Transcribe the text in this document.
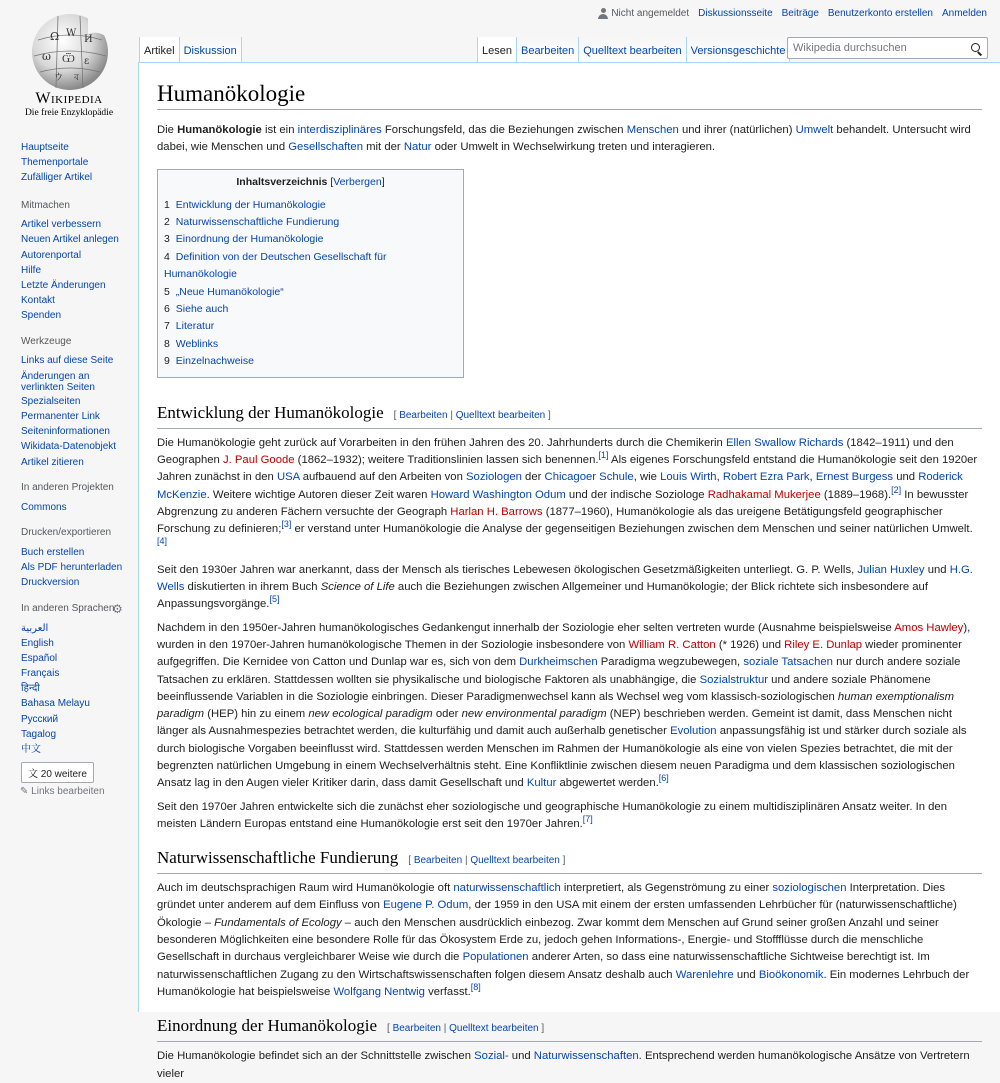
Ω W
И
ω Ѿ ε
ウ ব
Wikipedia
Die freie Enzyklopädie
Nicht angemeldet Diskussionsseite Beiträge Benutzerkonto erstellen Anmelden
Artikel Diskussion	Lesen Bearbeiten Quelltext bearbeiten Versionsgeschichte
Wikipedia durchsuchen
Hauptseite
Themenportale
Zufälliger Artikel
Mitmachen
Artikel verbessern
Neuen Artikel anlegen
Autorenportal
Hilfe
Letzte Änderungen
Kontakt
Spenden
Werkzeuge
Links auf diese Seite
Änderungen an verlinkten Seiten
Spezialseiten
Permanenter Link
Seiteninformationen
Wikidata-Datenobjekt
Artikel zitieren
In anderen Projekten
Commons
Drucken/exportieren
Buch erstellen
Als PDF herunterladen
Druckversion
In anderen Sprachen
⚙
العربية
English
Español
Français
हिन्दी
Bahasa Melayu
Русский
Tagalog
中文
文 20 weitere
✎ Links bearbeiten
Humanökologie

Die Humanökologie ist ein interdisziplinäres Forschungsfeld, das die Beziehungen zwischen Menschen und ihrer (natürlichen) Umwelt behandelt. Untersucht wird dabei, wie Menschen und Gesellschaften mit der Natur oder Umwelt in Wechselwirkung treten und interagieren.

Inhaltsverzeichnis [Verbergen]
1 Entwicklung der Humanökologie
2 Naturwissenschaftliche Fundierung
3 Einordnung der Humanökologie
4 Definition von der Deutschen Gesellschaft für Humanökologie
5 „Neue Humanökologie“
6 Siehe auch
7 Literatur
8 Weblinks
9 Einzelnachweise
Entwicklung der Humanökologie [ Bearbeiten | Quelltext bearbeiten ]

Die Humanökologie geht zurück auf Vorarbeiten in den frühen Jahren des 20. Jahrhunderts durch die Chemikerin Ellen Swallow Richards (1842–1911) und den Geographen J. Paul Goode (1862–1932); weitere Traditionslinien lassen sich benennen.[1] Als eigenes Forschungsfeld entstand die Humanökologie seit den 1920er Jahren zunächst in den USA aufbauend auf den Arbeiten von Soziologen der Chicagoer Schule, wie Louis Wirth, Robert Ezra Park, Ernest Burgess und Roderick McKenzie. Weitere wichtige Autoren dieser Zeit waren Howard Washington Odum und der indische Soziologe Radhakamal Mukerjee (1889–1968).[2] In bewusster Abgrenzung zu anderen Fächern versuchte der Geograph Harlan H. Barrows (1877–1960), Humanökologie als das ureigene Betätigungsfeld geographischer Forschung zu definieren;[3] er verstand unter Humanökologie die Analyse der gegenseitigen Beziehungen zwischen dem Menschen und seiner natürlichen Umwelt.[4]

Seit den 1930er Jahren war anerkannt, dass der Mensch als tierisches Lebewesen ökologischen Gesetzmäßigkeiten unterliegt. G. P. Wells, Julian Huxley und H.G. Wells diskutierten in ihrem Buch Science of Life auch die Beziehungen zwischen Allgemeiner und Humanökologie; der Blick richtete sich insbesondere auf Anpassungsvorgänge.[5]

Nachdem in den 1950er-Jahren humanökologisches Gedankengut innerhalb der Soziologie eher selten vertreten wurde (Ausnahme beispielsweise Amos Hawley), wurden in den 1970er-Jahren humanökologische Themen in der Soziologie insbesondere von William R. Catton (* 1926) und Riley E. Dunlap wieder prominenter aufgegriffen. Die Kernidee von Catton und Dunlap war es, sich von dem Durkheimschen Paradigma wegzubewegen, soziale Tatsachen nur durch andere soziale Tatsachen zu erklären. Stattdessen wollten sie physikalische und biologische Faktoren als unabhängige, die Sozialstruktur und andere soziale Phänomene beeinflussende Variablen in die Soziologie einbringen. Dieser Paradigmenwechsel kann als Wechsel weg vom klassisch-soziologischen human exemptionalism paradigm (HEP) hin zu einem new ecological paradigm oder new environmental paradigm (NEP) beschrieben werden. Gemeint ist damit, dass Menschen nicht länger als Ausnahmespezies betrachtet werden, die kulturfähig und damit auch außerhalb genetischer Evolution anpassungsfähig ist und stärker durch soziale als durch biologische Vorgaben beeinflusst wird. Stattdessen werden Menschen im Rahmen der Humanökologie als eine von vielen Spezies betrachtet, die mit der begrenzten natürlichen Umgebung in einem Wechselverhältnis steht. Eine Konfliktlinie zwischen diesem neuen Paradigma und dem klassischen soziologischen Ansatz lag in den Augen vieler Kritiker darin, dass damit Gesellschaft und Kultur abgewertet werden.[6]

Seit den 1970er Jahren entwickelte sich die zunächst eher soziologische und geographische Humanökologie zu einem multidisziplinären Ansatz weiter. In den meisten Ländern Europas entstand eine Humanökologie erst seit den 1970er Jahren.[7]

Naturwissenschaftliche Fundierung [ Bearbeiten | Quelltext bearbeiten ]

Auch im deutschsprachigen Raum wird Humanökologie oft naturwissenschaftlich interpretiert, als Gegenströmung zu einer soziologischen Interpretation. Dies gründet unter anderem auf dem Einfluss von Eugene P. Odum, der 1959 in den USA mit einem der ersten umfassenden Lehrbücher für (naturwissenschaftliche) Ökologie – Fundamentals of Ecology – auch den Menschen ausdrücklich einbezog. Zwar kommt dem Menschen auf Grund seiner großen Anzahl und seiner besonderen Möglichkeiten eine besondere Rolle für das Ökosystem Erde zu, jedoch gehen Informations-, Energie- und Stoffflüsse durch die menschliche Gesellschaft in durchaus vergleichbarer Weise wie durch die Populationen anderer Arten, so dass eine naturwissenschaftliche Sichtweise berechtigt ist. Im naturwissenschaftlichen Zugang zu den Wirtschaftswissenschaften folgen diesem Ansatz deshalb auch Warenlehre und Bioökonomik. Ein modernes Lehrbuch der Humanökologie hat beispielsweise Wolfgang Nentwig verfasst.[8]

Einordnung der Humanökologie [ Bearbeiten | Quelltext bearbeiten ]

Die Humanökologie befindet sich an der Schnittstelle zwischen Sozial- und Naturwissenschaften. Entsprechend werden humanökologische Ansätze von Vertretern vieler
